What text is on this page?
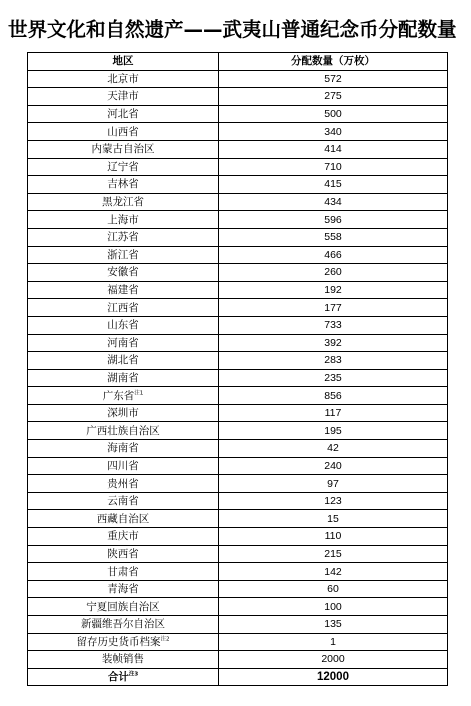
世界文化和自然遗产——武夷山普通纪念币分配数量
地区	分配数量（万枚）
北京市	572
天津市	275
河北省	500
山西省	340
内蒙古自治区	414
辽宁省	710
吉林省	415
黑龙江省	434
上海市	596
江苏省	558
浙江省	466
安徽省	260
福建省	192
江西省	177
山东省	733
河南省	392
湖北省	283
湖南省	235
广东省$^{注1}$	856
深圳市	117
广西壮族自治区	195
海南省	42
四川省	240
贵州省	97
云南省	123
西藏自治区	15
重庆市	110
陕西省	215
甘肃省	142
青海省	60
宁夏回族自治区	100
新疆维吾尔自治区	135
留存历史货币档案$^{注2}$	1
装帧销售	2000
合计$^{注3}$	12000
